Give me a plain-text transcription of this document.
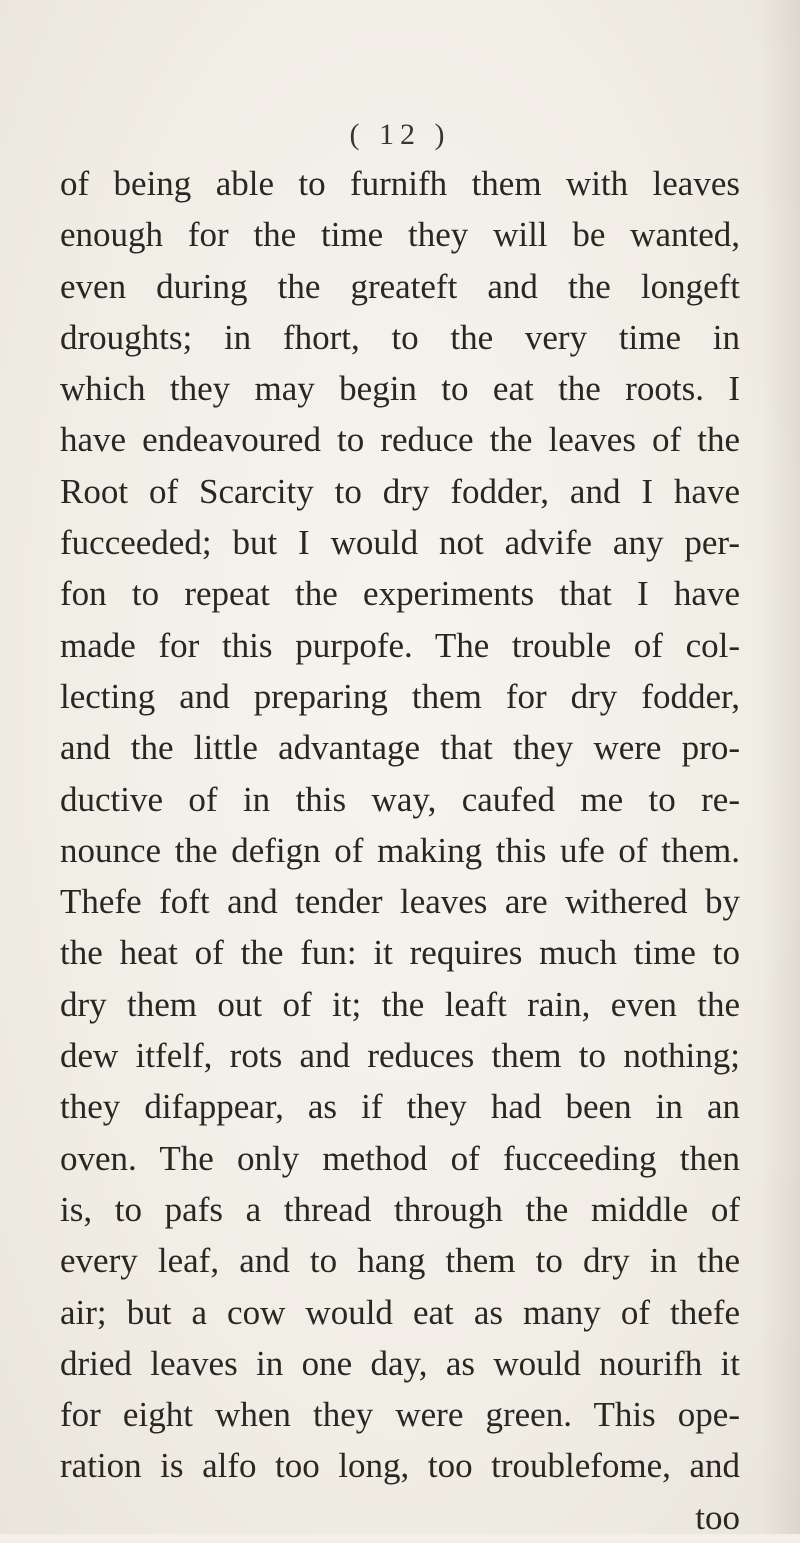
( 12 )
of being able to furnifh them with leaves
enough for the time they will be wanted,
even during the greateft and the longeft
droughts; in fhort, to the very time in
which they may begin to eat the roots. I
have endeavoured to reduce the leaves of the
Root of Scarcity to dry fodder, and I have
fucceeded; but I would not advife any per-
fon to repeat the experiments that I have
made for this purpofe. The trouble of col-
lecting and preparing them for dry fodder,
and the little advantage that they were pro-
ductive of in this way, caufed me to re-
nounce the defign of making this ufe of them.
Thefe foft and tender leaves are withered by
the heat of the fun: it requires much time to
dry them out of it; the leaft rain, even the
dew itfelf, rots and reduces them to nothing;
they difappear, as if they had been in an
oven. The only method of fucceeding then
is, to pafs a thread through the middle of
every leaf, and to hang them to dry in the
air; but a cow would eat as many of thefe
dried leaves in one day, as would nourifh it
for eight when they were green. This ope-
ration is alfo too long, too troublefome, and
too
